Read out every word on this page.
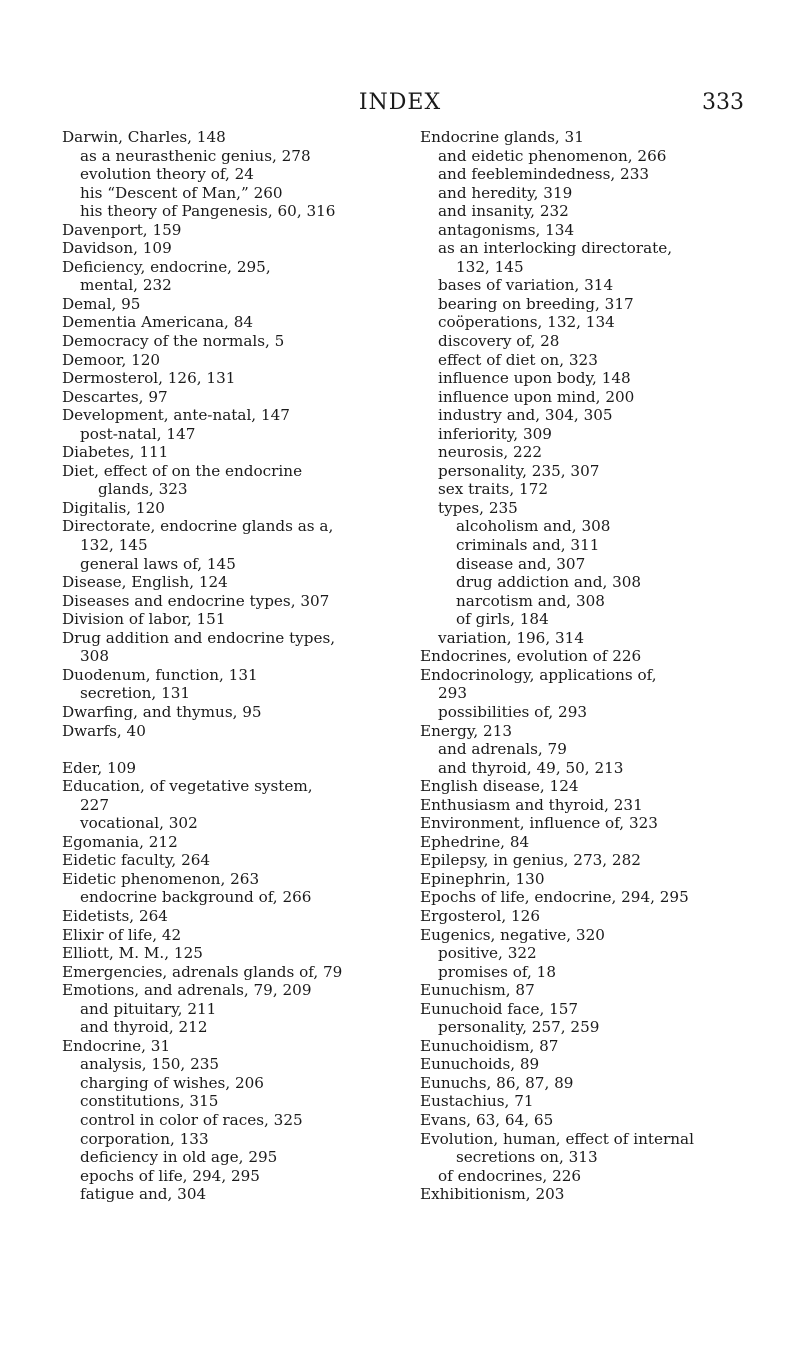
INDEX	333
Darwin, Charles, 148
as a neurasthenic genius, 278
evolution theory of, 24
his “Descent of Man,” 260
his theory of Pangenesis, 60, 316
Davenport, 159
Davidson, 109
Deficiency, endocrine, 295,
mental, 232
Demal, 95
Dementia Americana, 84
Democracy of the normals, 5
Demoor, 120
Dermosterol, 126, 131
Descartes, 97
Development, ante-natal, 147
post-natal, 147
Diabetes, 111
Diet, effect of on the endocrine
glands, 323
Digitalis, 120
Directorate, endocrine glands as a,
132, 145
general laws of, 145
Disease, English, 124
Diseases and endocrine types, 307
Division of labor, 151
Drug addition and endocrine types,
308
Duodenum, function, 131
secretion, 131
Dwarfing, and thymus, 95
Dwarfs, 40
Eder, 109
Education, of vegetative system,
227
vocational, 302
Egomania, 212
Eidetic faculty, 264
Eidetic phenomenon, 263
endocrine background of, 266
Eidetists, 264
Elixir of life, 42
Elliott, M. M., 125
Emergencies, adrenals glands of, 79
Emotions, and adrenals, 79, 209
and pituitary, 211
and thyroid, 212
Endocrine, 31
analysis, 150, 235
charging of wishes, 206
constitutions, 315
control in color of races, 325
corporation, 133
deficiency in old age, 295
epochs of life, 294, 295
fatigue and, 304
Endocrine glands, 31
and eidetic phenomenon, 266
and feeblemindedness, 233
and heredity, 319
and insanity, 232
antagonisms, 134
as an interlocking directorate,
132, 145
bases of variation, 314
bearing on breeding, 317
coöperations, 132, 134
discovery of, 28
effect of diet on, 323
influence upon body, 148
influence upon mind, 200
industry and, 304, 305
inferiority, 309
neurosis, 222
personality, 235, 307
sex traits, 172
types, 235
alcoholism and, 308
criminals and, 311
disease and, 307
drug addiction and, 308
narcotism and, 308
of girls, 184
variation, 196, 314
Endocrines, evolution of 226
Endocrinology, applications of,
293
possibilities of, 293
Energy, 213
and adrenals, 79
and thyroid, 49, 50, 213
English disease, 124
Enthusiasm and thyroid, 231
Environment, influence of, 323
Ephedrine, 84
Epilepsy, in genius, 273, 282
Epinephrin, 130
Epochs of life, endocrine, 294, 295
Ergosterol, 126
Eugenics, negative, 320
positive, 322
promises of, 18
Eunuchism, 87
Eunuchoid face, 157
personality, 257, 259
Eunuchoidism, 87
Eunuchoids, 89
Eunuchs, 86, 87, 89
Eustachius, 71
Evans, 63, 64, 65
Evolution, human, effect of internal
secretions on, 313
of endocrines, 226
Exhibitionism, 203
